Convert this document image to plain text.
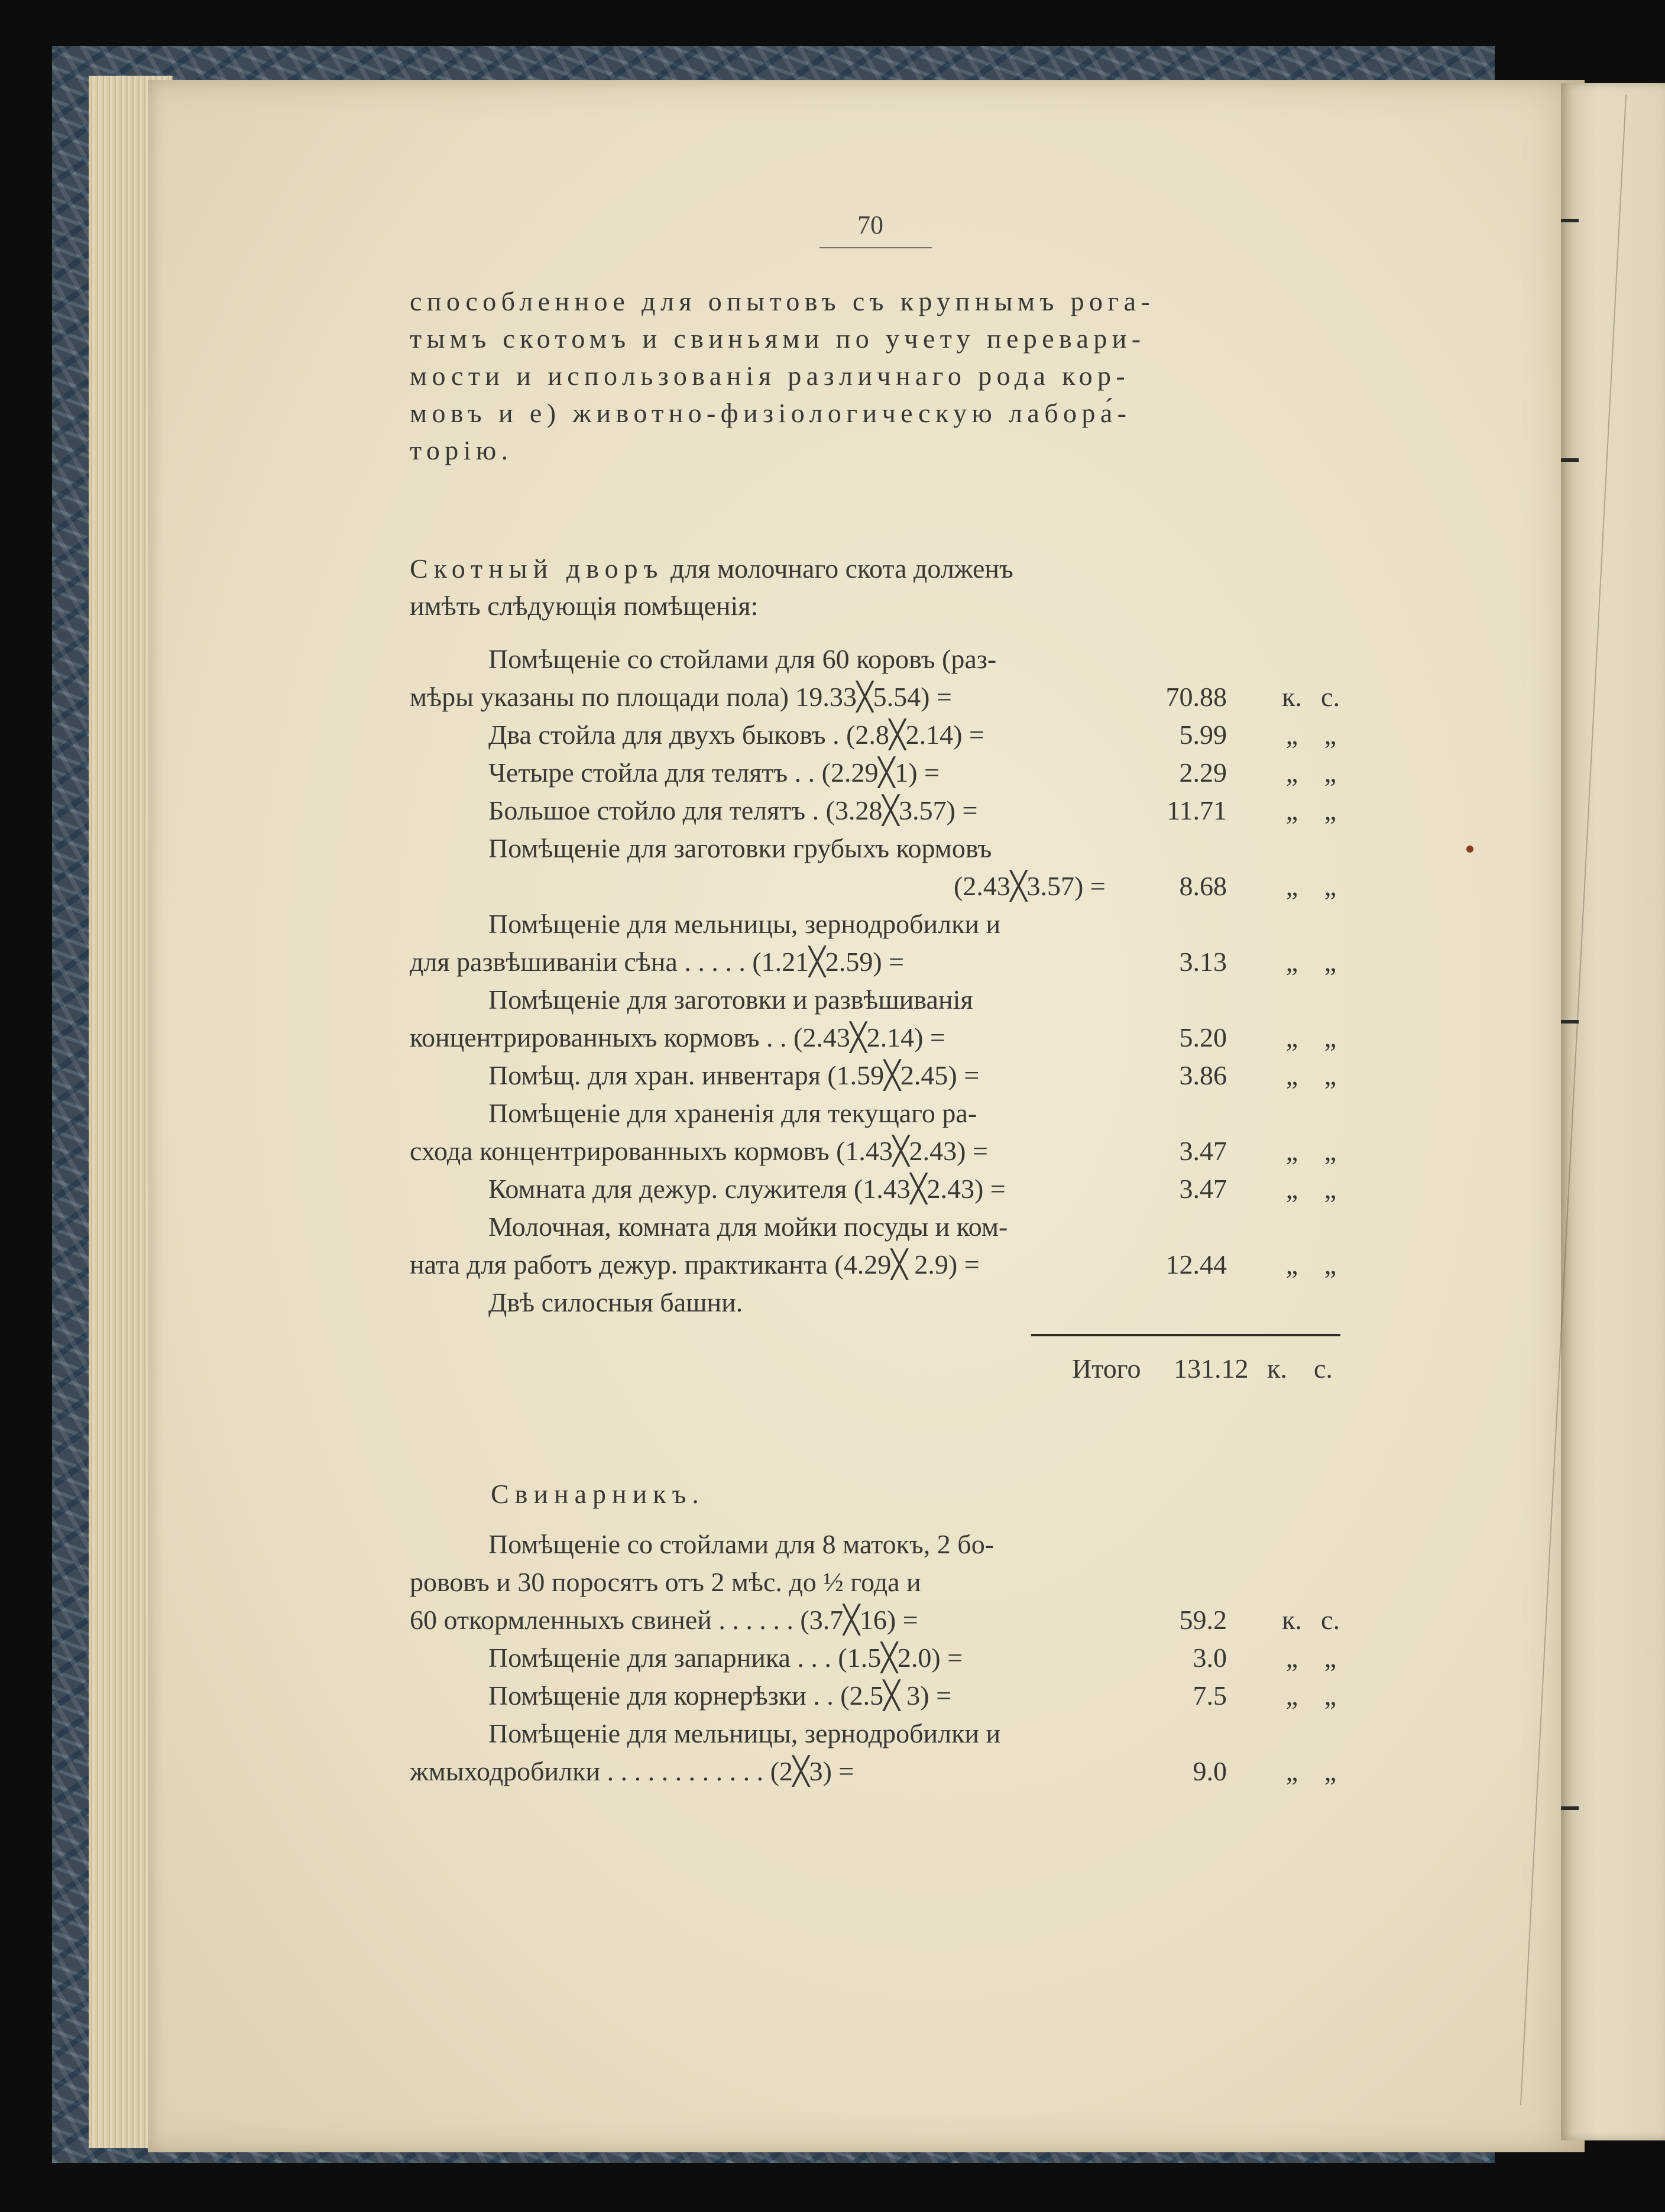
70
способленное для опытовъ съ крупнымъ рога-
тымъ скотомъ и свиньями по учету перевари-
мости и использованія различнаго рода кор-
мовъ и е) животно-физіологическую лабора́-
торію.
Скотный дворъ для молочнаго скота долженъ
имѣть слѣдующія помѣщенія:
Помѣщеніе со стойлами для 60 коровъ (раз-
мѣры указаны по площади пола) 19.33╳5.54) =	70.88 к. с.
Два стойла для двухъ быковъ . (2.8╳2.14) =	5.99	„ „
Четыре стойла для телятъ . . (2.29╳1) =	2.29	„ „
Большое стойло для телятъ . (3.28╳3.57) =	11.71	„ „
Помѣщеніе для заготовки грубыхъ кормовъ
(2.43╳3.57) =	8.68	„ „
Помѣщеніе для мельницы, зернодробилки и
для развѣшиваніи сѣна . . . . . (1.21╳2.59) =	3.13	„ „
Помѣщеніе для заготовки и развѣшиванія
концентрированныхъ кормовъ . . (2.43╳2.14) =	5.20	„ „
Помѣщ. для хран. инвентаря (1.59╳2.45) =	3.86	„ „
Помѣщеніе для храненія для текущаго ра-
схода концентрированныхъ кормовъ (1.43╳2.43) =	3.47	„ „
Комната для дежур. служителя (1.43╳2.43) =	3.47	„ „
Молочная, комната для мойки посуды и ком-
ната для работъ дежур. практиканта (4.29╳ 2.9) =	12.44	„ „
Двѣ силосныя башни.
Итого 131.12 к. с.
Свинарникъ.
Помѣщеніе со стойлами для 8 матокъ, 2 бо-
рововъ и 30 поросятъ отъ 2 мѣс. до ½ года и
60 откормленныхъ свиней . . . . . . (3.7╳16) =	59.2 к. с.
Помѣщеніе для запарника . . . (1.5╳2.0) =	3.0	„ „
Помѣщеніе для корнерѣзки . . (2.5╳ 3) =	7.5	„ „
Помѣщеніе для мельницы, зернодробилки и
жмыходробилки . . . . . . . . . . . . (2╳3) =	9.0	„ „
